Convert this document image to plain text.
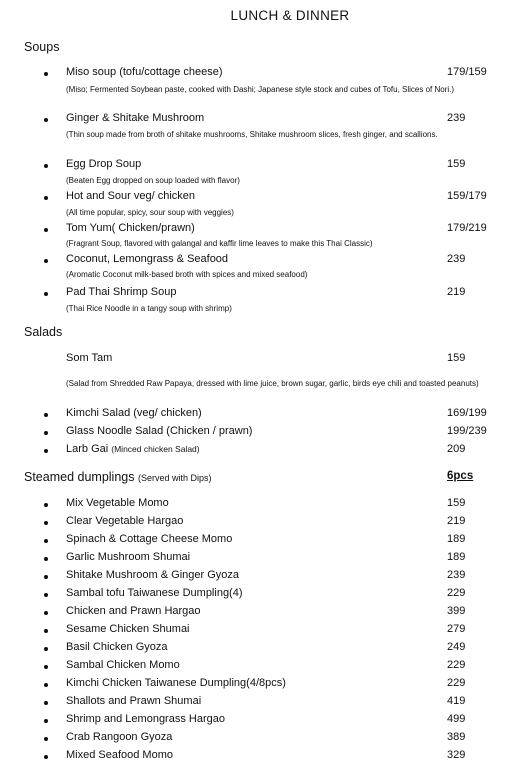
LUNCH & DINNER
Soups
Miso soup (tofu/cottage cheese)	179/159
(Miso; Fermented Soybean paste, cooked with Dashi; Japanese style stock and cubes of Tofu, Slices of Nori.)
Ginger & Shitake Mushroom	239
(Thin soup made from broth of shitake mushrooms, Shitake mushroom slices, fresh ginger, and scallions.
Egg Drop Soup	159
(Beaten Egg dropped on soup loaded with flavor)
Hot and Sour veg/ chicken	159/179
(All time popular, spicy, sour soup with veggies)
Tom Yum( Chicken/prawn)	179/219
(Fragrant Soup, flavored with galangal and kaffir lime leaves to make this Thai Classic)
Coconut, Lemongrass & Seafood	239
(Aromatic Coconut milk-based broth with spices and mixed seafood)
Pad Thai Shrimp Soup	219
(Thai Rice Noodle in a tangy soup with shrimp)
Salads
Som Tam	159
(Salad from Shredded Raw Papaya, dressed with lime juice, brown sugar, garlic, birds eye chili and toasted peanuts)
Kimchi Salad (veg/ chicken)	169/199
Glass Noodle Salad (Chicken / prawn)	199/239
Larb Gai (Minced chicken Salad)	209
Steamed dumplings (Served with Dips)	6pcs
Mix Vegetable Momo	159
Clear Vegetable Hargao	219
Spinach & Cottage Cheese Momo	189
Garlic Mushroom Shumai	189
Shitake Mushroom & Ginger Gyoza	239
Sambal tofu Taiwanese Dumpling(4)	229
Chicken and Prawn Hargao	399
Sesame Chicken Shumai	279
Basil Chicken Gyoza	249
Sambal Chicken Momo	229
Kimchi Chicken Taiwanese Dumpling(4/8pcs)	229
Shallots and Prawn Shumai	419
Shrimp and Lemongrass Hargao	499
Crab Rangoon Gyoza	389
Mixed Seafood Momo	329
